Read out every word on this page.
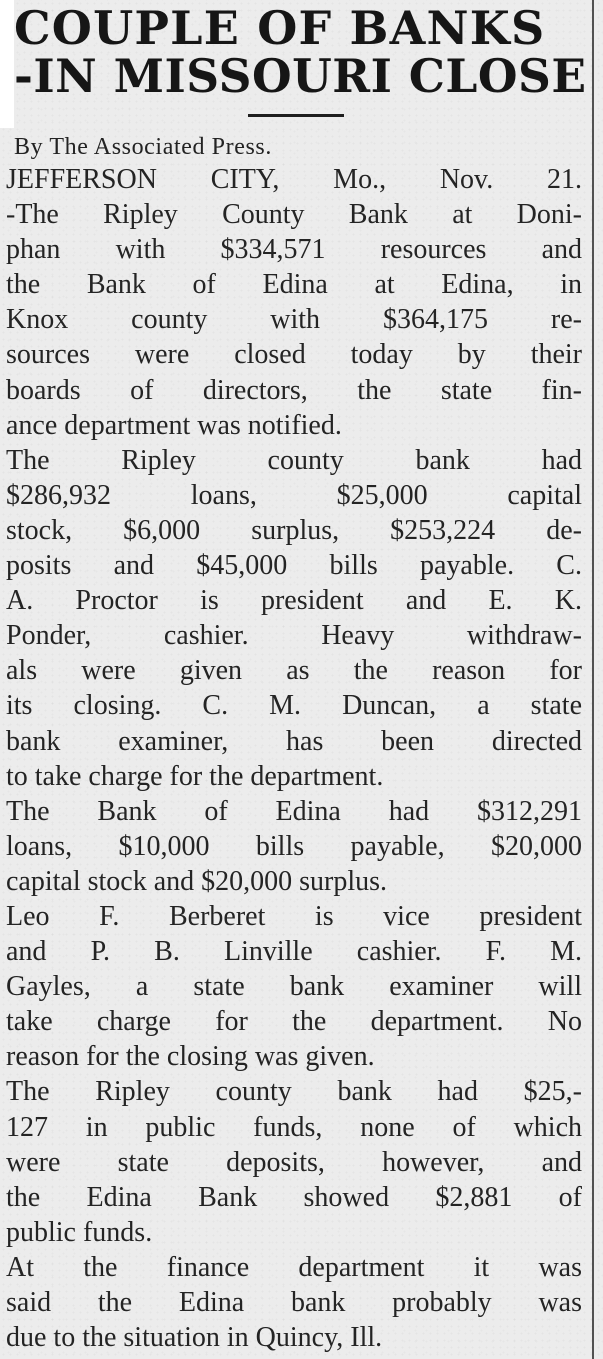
COUPLE OF BANKS
-IN MISSOURI CLOSE
By The Associated Press.
JEFFERSON CITY, Mo., Nov. 21.
-The Ripley County Bank at Doni-
phan with $334,571 resources and
the Bank of Edina at Edina, in
Knox county with $364,175 re-
sources were closed today by their
boards of directors, the state fin-
ance department was notified.
The Ripley county bank had
$286,932 loans, $25,000 capital
stock, $6,000 surplus, $253,224 de-
posits and $45,000 bills payable. C.
A. Proctor is president and E. K.
Ponder, cashier. Heavy withdraw-
als were given as the reason for
its closing. C. M. Duncan, a state
bank examiner, has been directed
to take charge for the department.
The Bank of Edina had $312,291
loans, $10,000 bills payable, $20,000
capital stock and $20,000 surplus.
Leo F. Berberet is vice president
and P. B. Linville cashier. F. M.
Gayles, a state bank examiner will
take charge for the department. No
reason for the closing was given.
The Ripley county bank had $25,-
127 in public funds, none of which
were state deposits, however, and
the Edina Bank showed $2,881 of
public funds.
At the finance department it was
said the Edina bank probably was
due to the situation in Quincy, Ill.
